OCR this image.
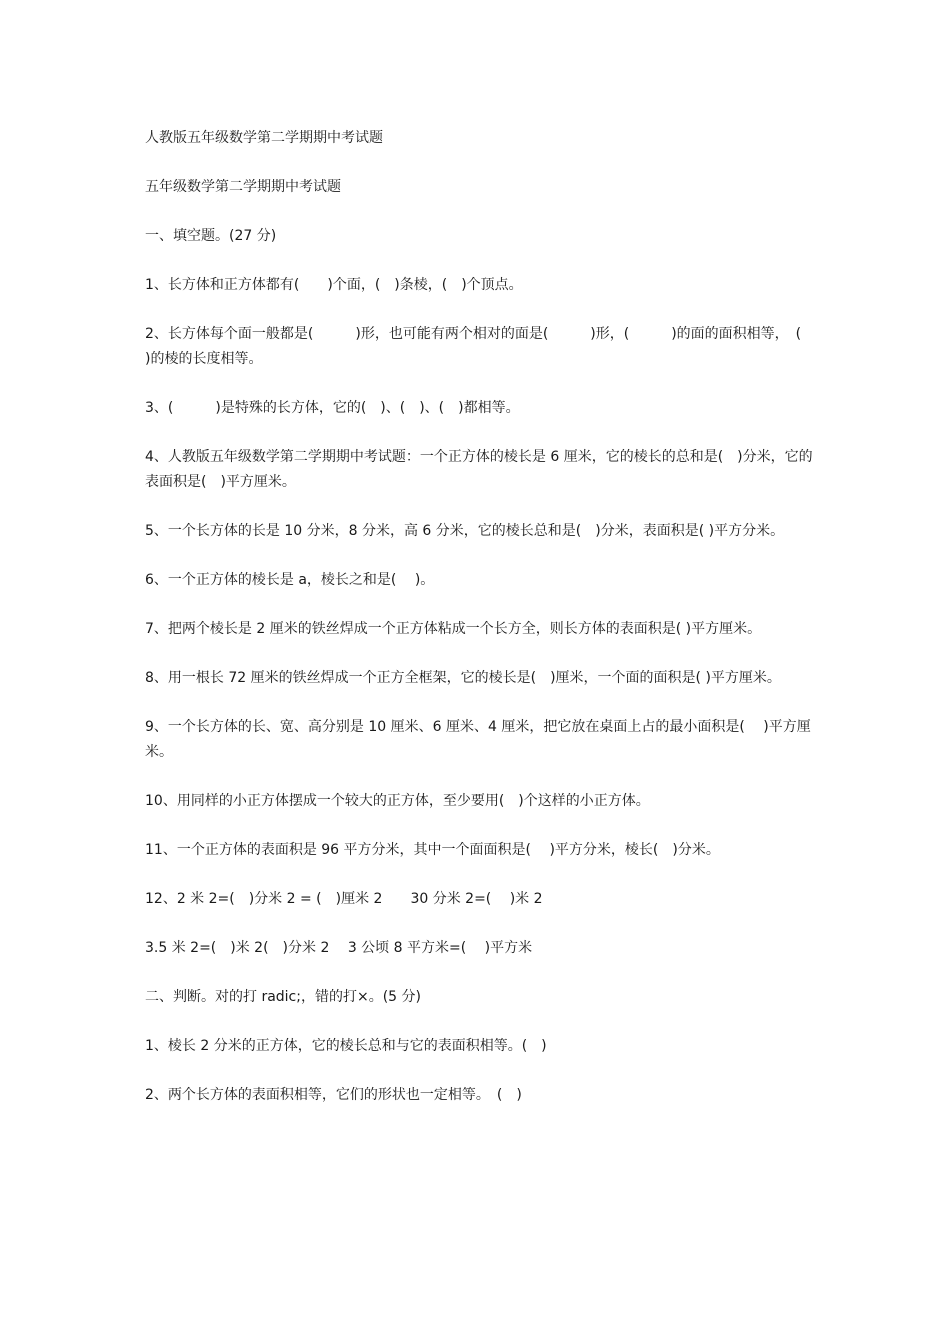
人教版五年级数学第二学期期中考试题

五年级数学第二学期期中考试题

一、填空题。(27 分)

1、长方体和正方体都有(　　)个面，(　)条棱，(　)个顶点。

2、长方体每个面一般都是(　　　)形，也可能有两个相对的面是(　　　)形，(　　　)的面的面积相等，　(　　　　)的棱的长度相等。

3、(　　　)是特殊的长方体，它的(　)、(　)、(　)都相等。

4、人教版五年级数学第二学期期中考试题：一个正方体的棱长是 6 厘米，它的棱长的总和是(　)分米，它的表面积是(　)平方厘米。

5、一个长方体的长是 10 分米，8 分米，高 6 分米，它的棱长总和是(　)分米，表面积是( )平方分米。

6、一个正方体的棱长是 a，棱长之和是(　 )。

7、把两个棱长是 2 厘米的铁丝焊成一个正方体粘成一个长方全，则长方体的表面积是( )平方厘米。

8、用一根长 72 厘米的铁丝焊成一个正方全框架，它的棱长是(　)厘米，一个面的面积是( )平方厘米。

9、一个长方体的长、宽、高分别是 10 厘米、6 厘米、4 厘米，把它放在桌面上占的最小面积是(　 )平方厘米。

10、用同样的小正方体摆成一个较大的正方体，至少要用(　)个这样的小正方体。

11、一个正方体的表面积是 96 平方分米，其中一个面面积是(　 )平方分米，棱长(　)分米。

12、2 米 2=(　)分米 2 = (　)厘米 2　　30 分米 2=(　 )米 2

3.5 米 2=(　)米 2(　)分米 2　 3 公顷 8 平方米=(　 )平方米

二、判断。对的打 radic;，错的打×。(5 分)

1、棱长 2 分米的正方体，它的棱长总和与它的表面积相等。(　)

2、两个长方体的表面积相等，它们的形状也一定相等。　(　)
